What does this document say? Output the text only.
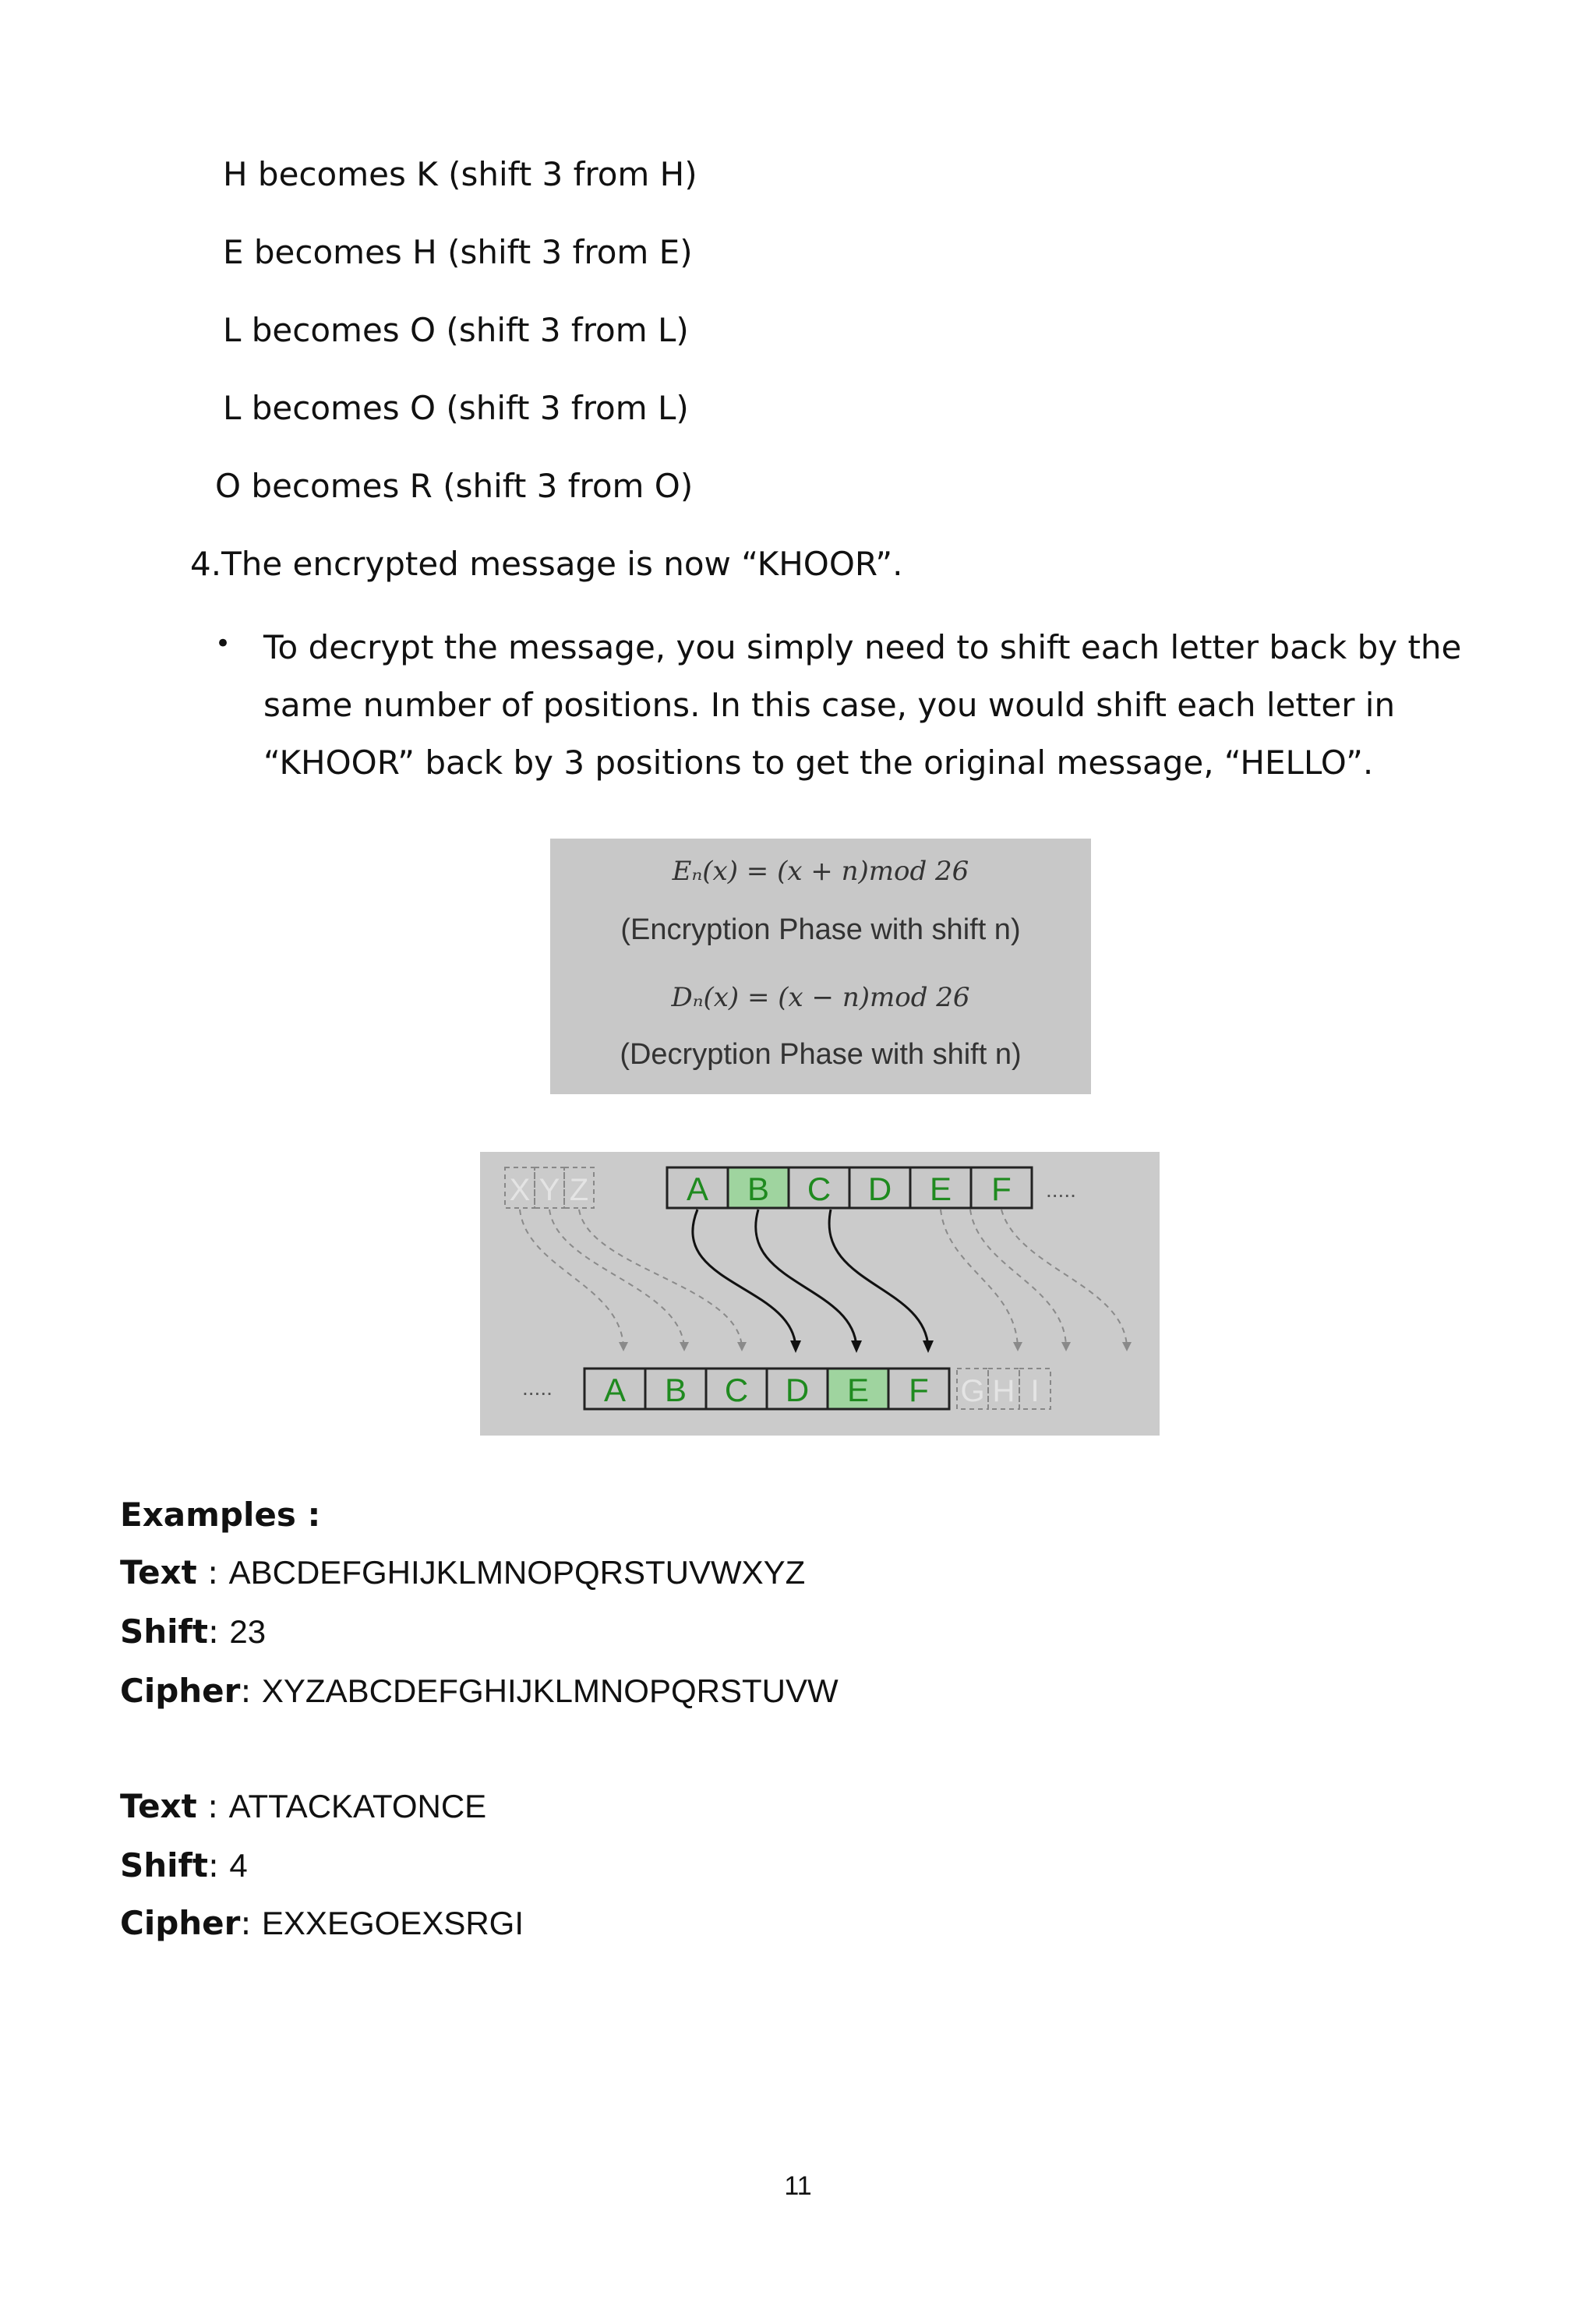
H becomes K (shift 3 from H)
E becomes H (shift 3 from E)
L becomes O (shift 3 from L)
L becomes O (shift 3 from L)
O becomes R (shift 3 from O)
4.The encrypted message is now “KHOOR”.
• To decrypt the message, you simply need to shift each letter back by the same number of positions. In this case, you would shift each letter in “KHOOR” back by 3 positions to get the original message, “HELLO”.
Eₙ(x) = (x + n)mod 26
(Encryption Phase with shift n)
Dₙ(x) = (x − n)mod 26
(Decryption Phase with shift n)
X Y Z	A B C D E F .....
..... A B C D E F G H I
Examples :
Text : ABCDEFGHIJKLMNOPQRSTUVWXYZ
Shift: 23
Cipher: XYZABCDEFGHIJKLMNOPQRSTUVW
Text : ATTACKATONCE
Shift: 4
Cipher: EXXEGOEXSRGI
11
